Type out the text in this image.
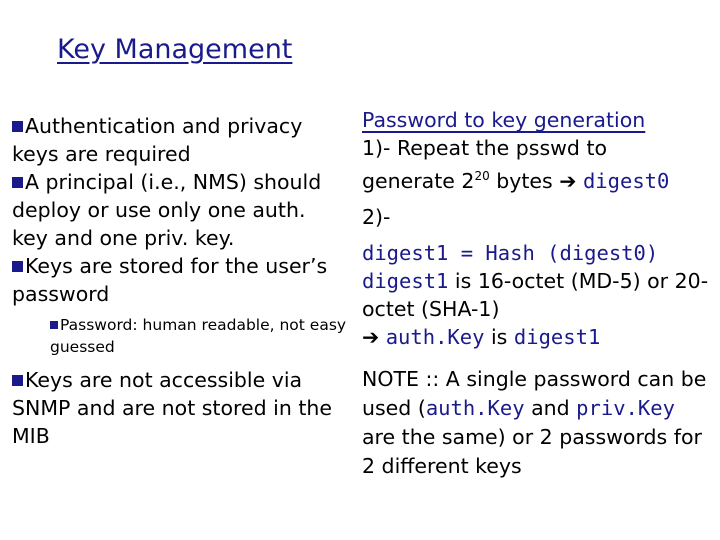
Key Management
Authentication and privacy keys are required
A principal (i.e., NMS) should deploy or use only one auth. key and one priv. key.
Keys are stored for the user’s password
Password: human readable, not easy guessed
Keys are not accessible via SNMP and are not stored in the MIB
Password to key generation
1)- Repeat the psswd to
generate $2^{20}$ bytes ➔ digest0
2)-
digest1 = Hash (digest0)
digest1 is 16-octet (MD-5) or 20-octet (SHA-1)
➔ auth.Key is digest1
NOTE :: A single password can be used (auth.Key and priv.Key are the same) or 2 passwords for 2 different keys
